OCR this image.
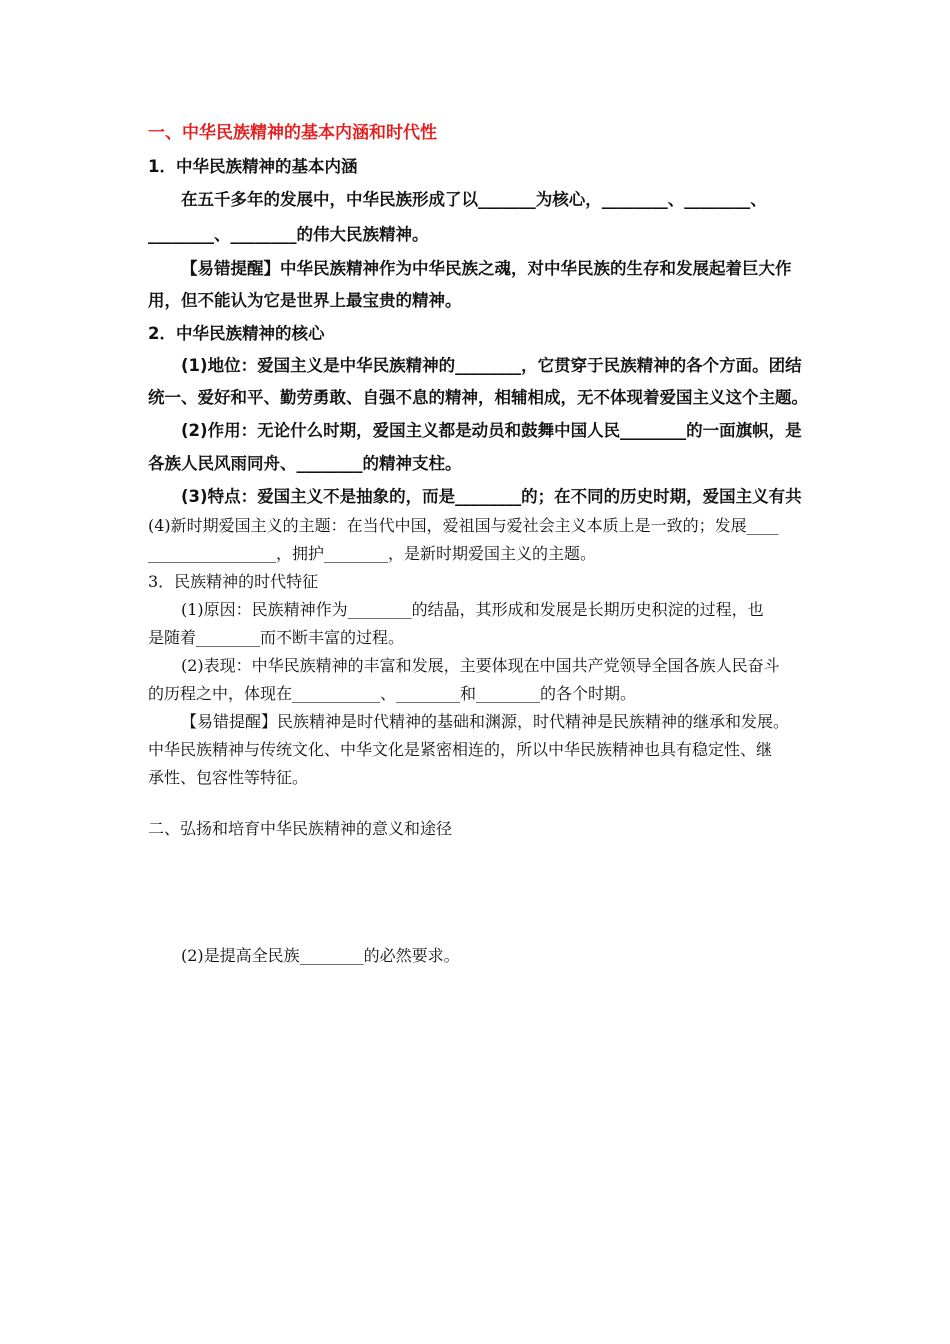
一、中华民族精神的基本内涵和时代性
1．中华民族精神的基本内涵
在五千多年的发展中，中华民族形成了以_______为核心，________、________、
________、________的伟大民族精神。
【易错提醒】中华民族精神作为中华民族之魂，对中华民族的生存和发展起着巨大作
用，但不能认为它是世界上最宝贵的精神。
2．中华民族精神的核心
(1)地位：爱国主义是中华民族精神的________，它贯穿于民族精神的各个方面。团结
统一、爱好和平、勤劳勇敢、自强不息的精神，相辅相成，无不体现着爱国主义这个主题。
(2)作用：无论什么时期，爱国主义都是动员和鼓舞中国人民________的一面旗帜，是
各族人民风雨同舟、________的精神支柱。
(3)特点：爱国主义不是抽象的，而是________的；在不同的历史时期，爱国主义有共
(4)新时期爱国主义的主题：在当代中国，爱祖国与爱社会主义本质上是一致的；发展____
________________，拥护________，是新时期爱国主义的主题。
3．民族精神的时代特征
(1)原因：民族精神作为________的结晶，其形成和发展是长期历史积淀的过程，也
是随着________而不断丰富的过程。
(2)表现：中华民族精神的丰富和发展，主要体现在中国共产党领导全国各族人民奋斗
的历程之中，体现在___________、________和________的各个时期。
【易错提醒】民族精神是时代精神的基础和渊源，时代精神是民族精神的继承和发展。
中华民族精神与传统文化、中华文化是紧密相连的，所以中华民族精神也具有稳定性、继
承性、包容性等特征。
二、弘扬和培育中华民族精神的意义和途径
(2)是提高全民族________的必然要求。
